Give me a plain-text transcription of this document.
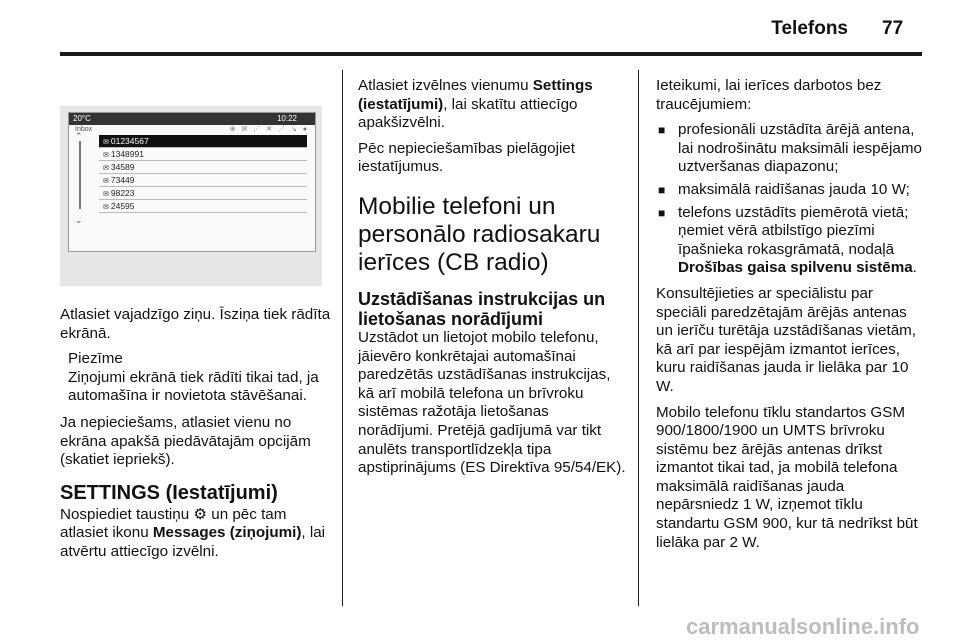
Telefons 77
20°C	10:22
Inbox	⊕ ✉ ⋰ ✕ ⋰ ↘ ●
⌃
⌄
✉ 01234567
✉ 1348991
✉ 34589
✉ 73449
✉ 98223
✉ 24595

Atlasiet vajadzīgo ziņu. Īsziņa tiek rādīta ekrānā.

Piezīme
Ziņojumi ekrānā tiek rādīti tikai tad, ja automašīna ir novietota stāvēšanai.

Ja nepieciešams, atlasiet vienu no ekrāna apakšā piedāvātajām opcijām (skatiet iepriekš).

SETTINGS (Iestatījumi)

Nospiediet taustiņu ⚙ un pēc tam atlasiet ikonu Messages (ziņojumi), lai atvērtu attiecīgo izvēlni.

Atlasiet izvēlnes vienumu Settings (iestatījumi), lai skatītu attiecīgo apakšizvēlni.

Pēc nepieciešamības pielāgojiet iestatījumus.

Mobilie telefoni un personālo radiosakaru ierīces (CB radio)
Uzstādīšanas instrukcijas un lietošanas norādījumi

Uzstādot un lietojot mobilo telefonu, jāievēro konkrētajai automašīnai paredzētās uzstādīšanas instrukcijas, kā arī mobilā telefona un brīvroku sistēmas ražotāja lietošanas norādījumi. Pretējā gadījumā var tikt anulēts transportlīdzekļa tipa apstiprinājums (ES Direktīva 95/54/EK).

Ieteikumi, lai ierīces darbotos bez traucējumiem:

■ profesionāli uzstādīta ārējā antena, lai nodrošinātu maksimāli iespējamo uztveršanas diapazonu;
■ maksimālā raidīšanas jauda 10 W;
■ telefons uzstādīts piemērotā vietā; ņemiet vērā atbilstīgo piezīmi īpašnieka rokasgrāmatā, nodaļā Drošības gaisa spilvenu sistēma.

Konsultējieties ar speciālistu par speciāli paredzētajām ārējās antenas un ierīču turētāja uzstādīšanas vietām, kā arī par iespējām izmantot ierīces, kuru raidīšanas jauda ir lielāka par 10 W.

Mobilo telefonu tīklu standartos GSM 900/1800/1900 un UMTS brīvroku sistēmu bez ārējās antenas drīkst izmantot tikai tad, ja mobilā telefona maksimālā raidīšanas jauda nepārsniedz 1 W, izņemot tīklu standartu GSM 900, kur tā nedrīkst būt lielāka par 2 W.

carmanualsonline.info
